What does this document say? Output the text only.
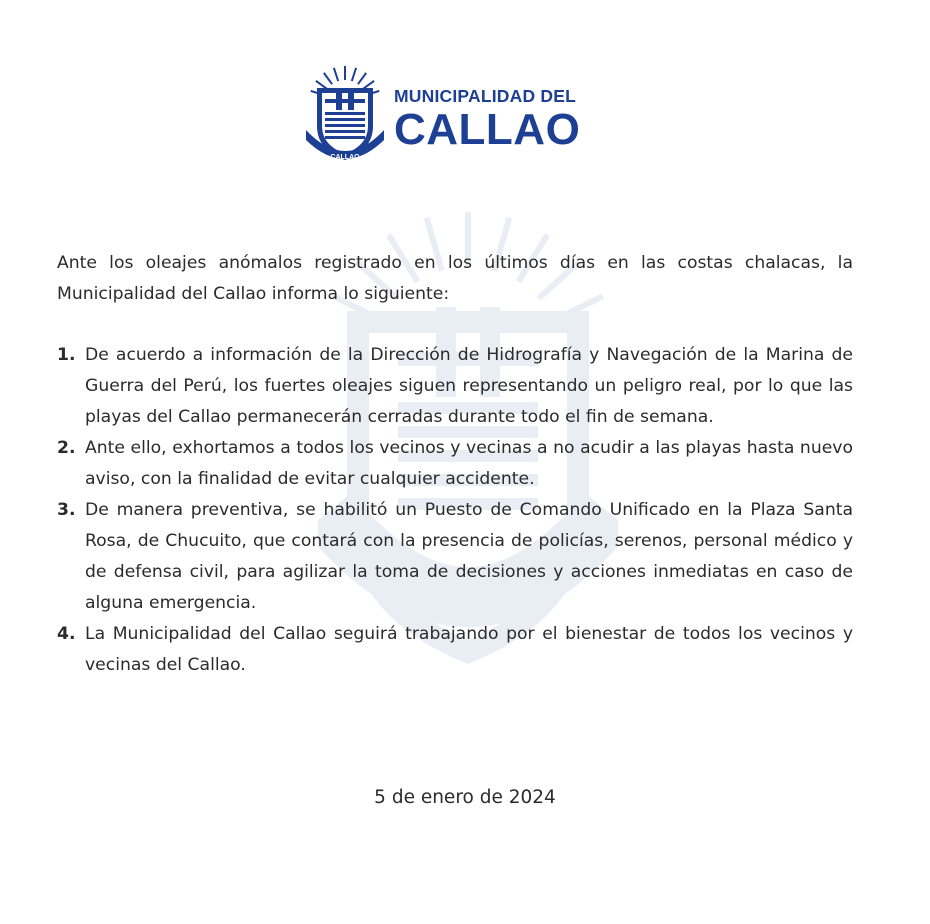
CALLAO
MUNICIPALIDAD DEL
CALLAO

Ante los oleajes anómalos registrado en los últimos días en las costas chalacas, la Municipalidad del Callao informa lo siguiente:

1. De acuerdo a información de la Dirección de Hidrografía y Navegación de la Marina de Guerra del Perú, los fuertes oleajes siguen representando un peligro real, por lo que las playas del Callao permanecerán cerradas durante todo el fin de semana.
2. Ante ello, exhortamos a todos los vecinos y vecinas a no acudir a las playas hasta nuevo aviso, con la finalidad de evitar cualquier accidente.
3. De manera preventiva, se habilitó un Puesto de Comando Unificado en la Plaza Santa Rosa, de Chucuito, que contará con la presencia de policías, serenos, personal médico y de defensa civil, para agilizar la toma de decisiones y acciones inmediatas en caso de alguna emergencia.
4. La Municipalidad del Callao seguirá trabajando por el bienestar de todos los vecinos y vecinas del Callao.
5 de enero de 2024
